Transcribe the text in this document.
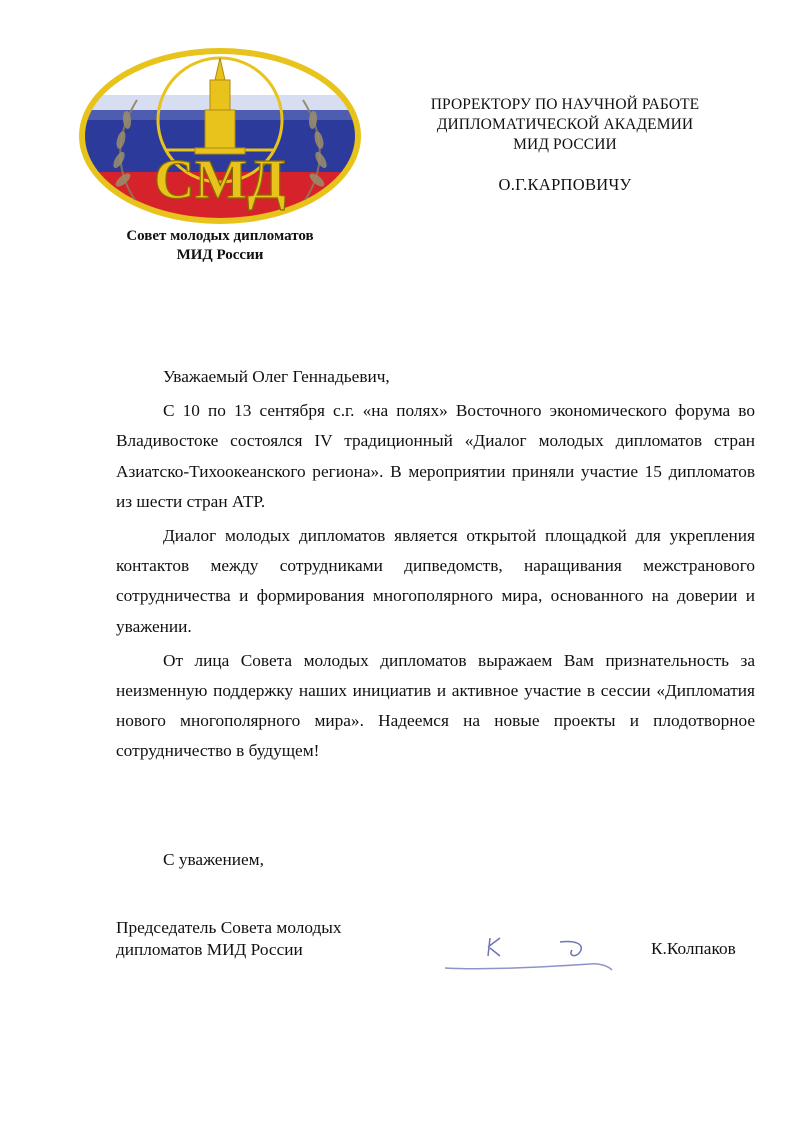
СМД
Совет молодых дипломатов
МИД России
ПРОРЕКТОРУ ПО НАУЧНОЙ РАБОТЕ
ДИПЛОМАТИЧЕСКОЙ АКАДЕМИИ
МИД РОССИИ
О.Г.КАРПОВИЧУ

Уважаемый Олег Геннадьевич,

С 10 по 13 сентября с.г. «на полях» Восточного экономического форума во Владивостоке состоялся IV традиционный «Диалог молодых дипломатов стран Азиатско-Тихоокеанского региона». В мероприятии приняли участие 15 дипломатов из шести стран АТР.

Диалог молодых дипломатов является открытой площадкой для укрепления контактов между сотрудниками дипведомств, наращивания межстранового сотрудничества и формирования многополярного мира, основанного на доверии и уважении.

От лица Совета молодых дипломатов выражаем Вам признательность за неизменную поддержку наших инициатив и активное участие в сессии «Дипломатия нового многополярного мира». Надеемся на новые проекты и плодотворное сотрудничество в будущем!

С уважением,
Председатель Совета молодых
дипломатов МИД России	К.Колпаков
